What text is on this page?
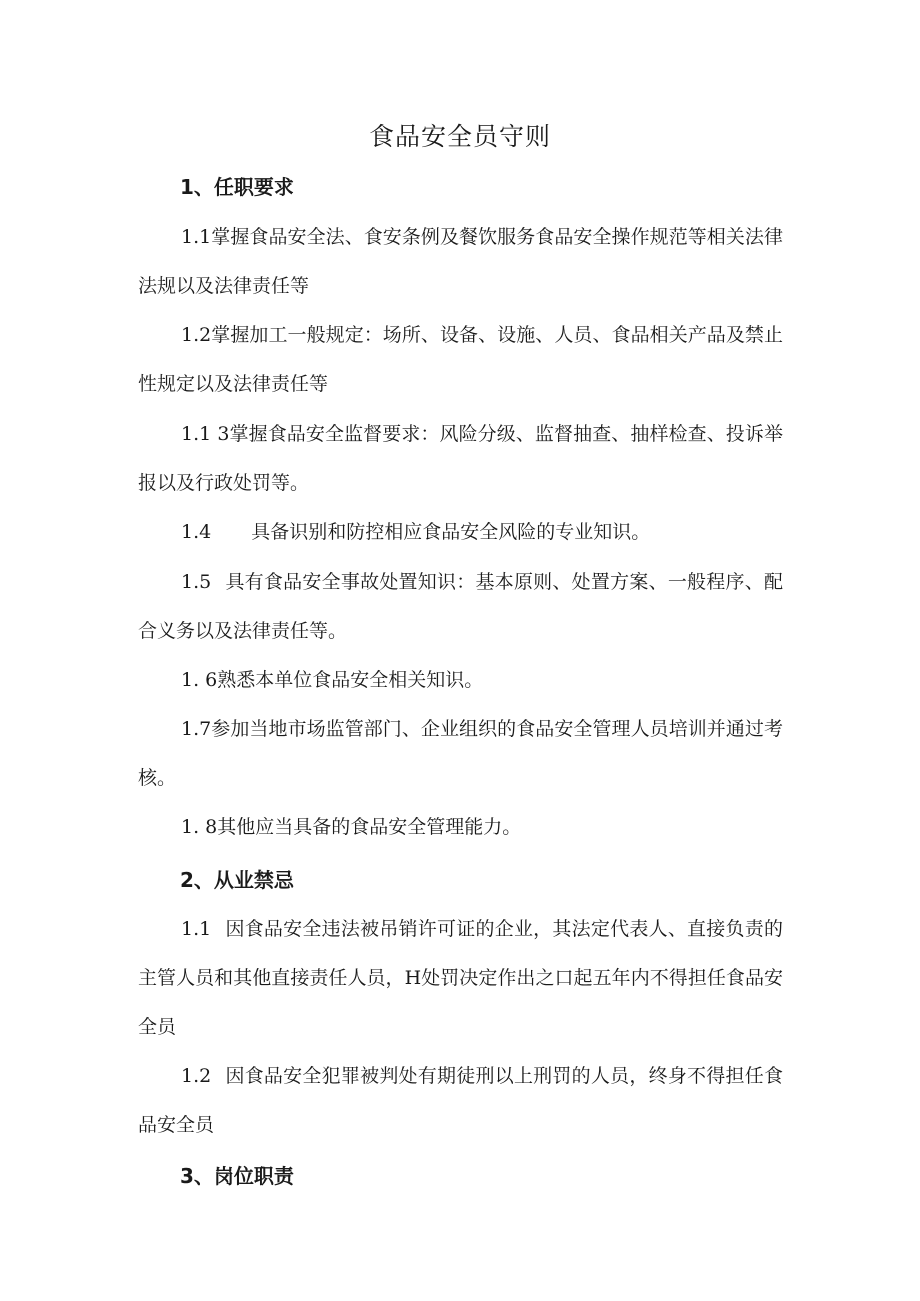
食品安全员守则
1、任职要求

1.1掌握食品安全法、食安条例及餐饮服务食品安全操作规范等相关法律法规以及法律责任等

1.2掌握加工一般规定：场所、设备、设施、人员、食品相关产品及禁止性规定以及法律责任等

1.1 3掌握食品安全监督要求：风险分级、监督抽查、抽样检查、投诉举报以及行政处罚等。

1.4 具备识别和防控相应食品安全风险的专业知识。

1.5 具有食品安全事故处置知识：基本原则、处置方案、一般程序、配合义务以及法律责任等。

1. 6熟悉本单位食品安全相关知识。

1.7参加当地市场监管部门、企业组织的食品安全管理人员培训并通过考核。

1. 8其他应当具备的食品安全管理能力。

2、从业禁忌

1.1 因食品安全违法被吊销许可证的企业，其法定代表人、直接负责的主管人员和其他直接责任人员，H处罚决定作出之口起五年内不得担任食品安全员

1.2 因食品安全犯罪被判处有期徒刑以上刑罚的人员，终身不得担任食品安全员

3、岗位职责
